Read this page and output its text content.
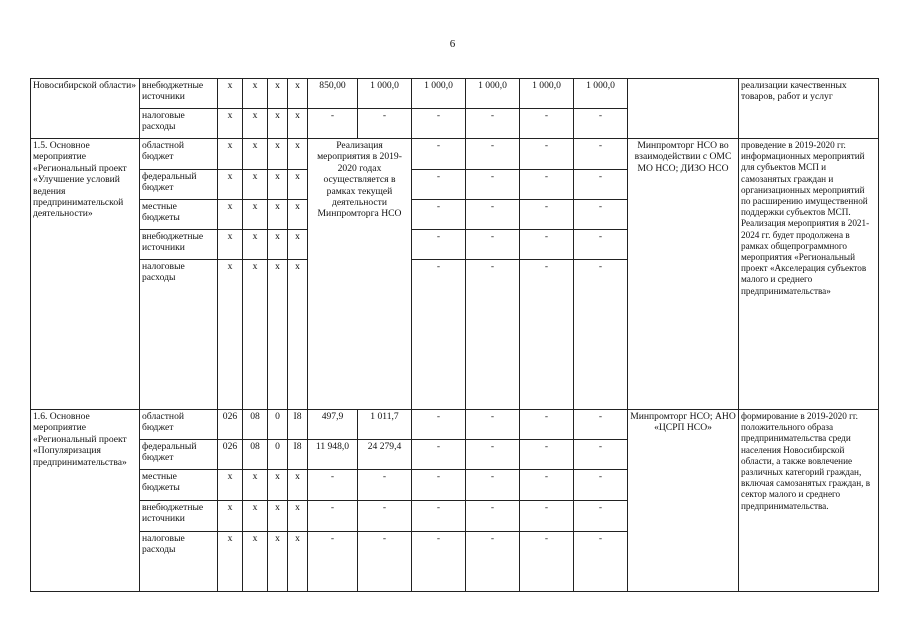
6
Новосибирской области»	внебюджетные источники	x	x	x	x	850,00	1 000,0	1 000,0	1 000,0	1 000,0	1 000,0		реализации качественных товаров, работ и услуг
	налоговые расходы	x	x	x	x	-	-	-	-	-	-		
1.5. Основное мероприятие «Региональный проект «Улучшение условий ведения предпринимательской деятельности»	областной бюджет	x	x	x	x	Реализация мероприятия в 2019-2020 годах осуществляется в рамках текущей деятельности Минпромторга НСО		-	-	-	-	Минпромторг НСО во взаимодействии с ОМС МО НСО; ДИЗО НСО	проведение в 2019-2020 гг. информационных мероприятий для субъектов МСП и самозанятых граждан и организационных мероприятий по расширению имущественной поддержки субъектов МСП. Реализация мероприятия в 2021-2024 гг. будет продолжена в рамках общепрограммного мероприятия «Региональный проект «Акселерация субъектов малого и среднего предпринимательства»
	федеральный бюджет	x	x	x	x			-	-	-	-		
	местные бюджеты	x	x	x	x			-	-	-	-		
	внебюджетные источники	x	x	x	x			-	-	-	-		
	налоговые расходы	x	x	x	x			-	-	-	-		
1.6. Основное мероприятие «Региональный проект «Популяризация предпринимательства»	областной бюджет	026	08	0	I8	497,9	1 011,7	-	-	-	-	Минпромторг НСО; АНО «ЦСРП НСО»	формирование в 2019-2020 гг. положительного образа предпринимательства среди населения Новосибирской области, а также вовлечение различных категорий граждан, включая самозанятых граждан, в сектор малого и среднего предпринимательства.
	федеральный бюджет	026	08	0	I8	11 948,0	24 279,4	-	-	-	-		
	местные бюджеты	x	x	x	x	-	-	-	-	-	-		
	внебюджетные источники	x	x	x	x	-	-	-	-	-	-		
	налоговые расходы	x	x	x	x	-	-	-	-	-	-		
